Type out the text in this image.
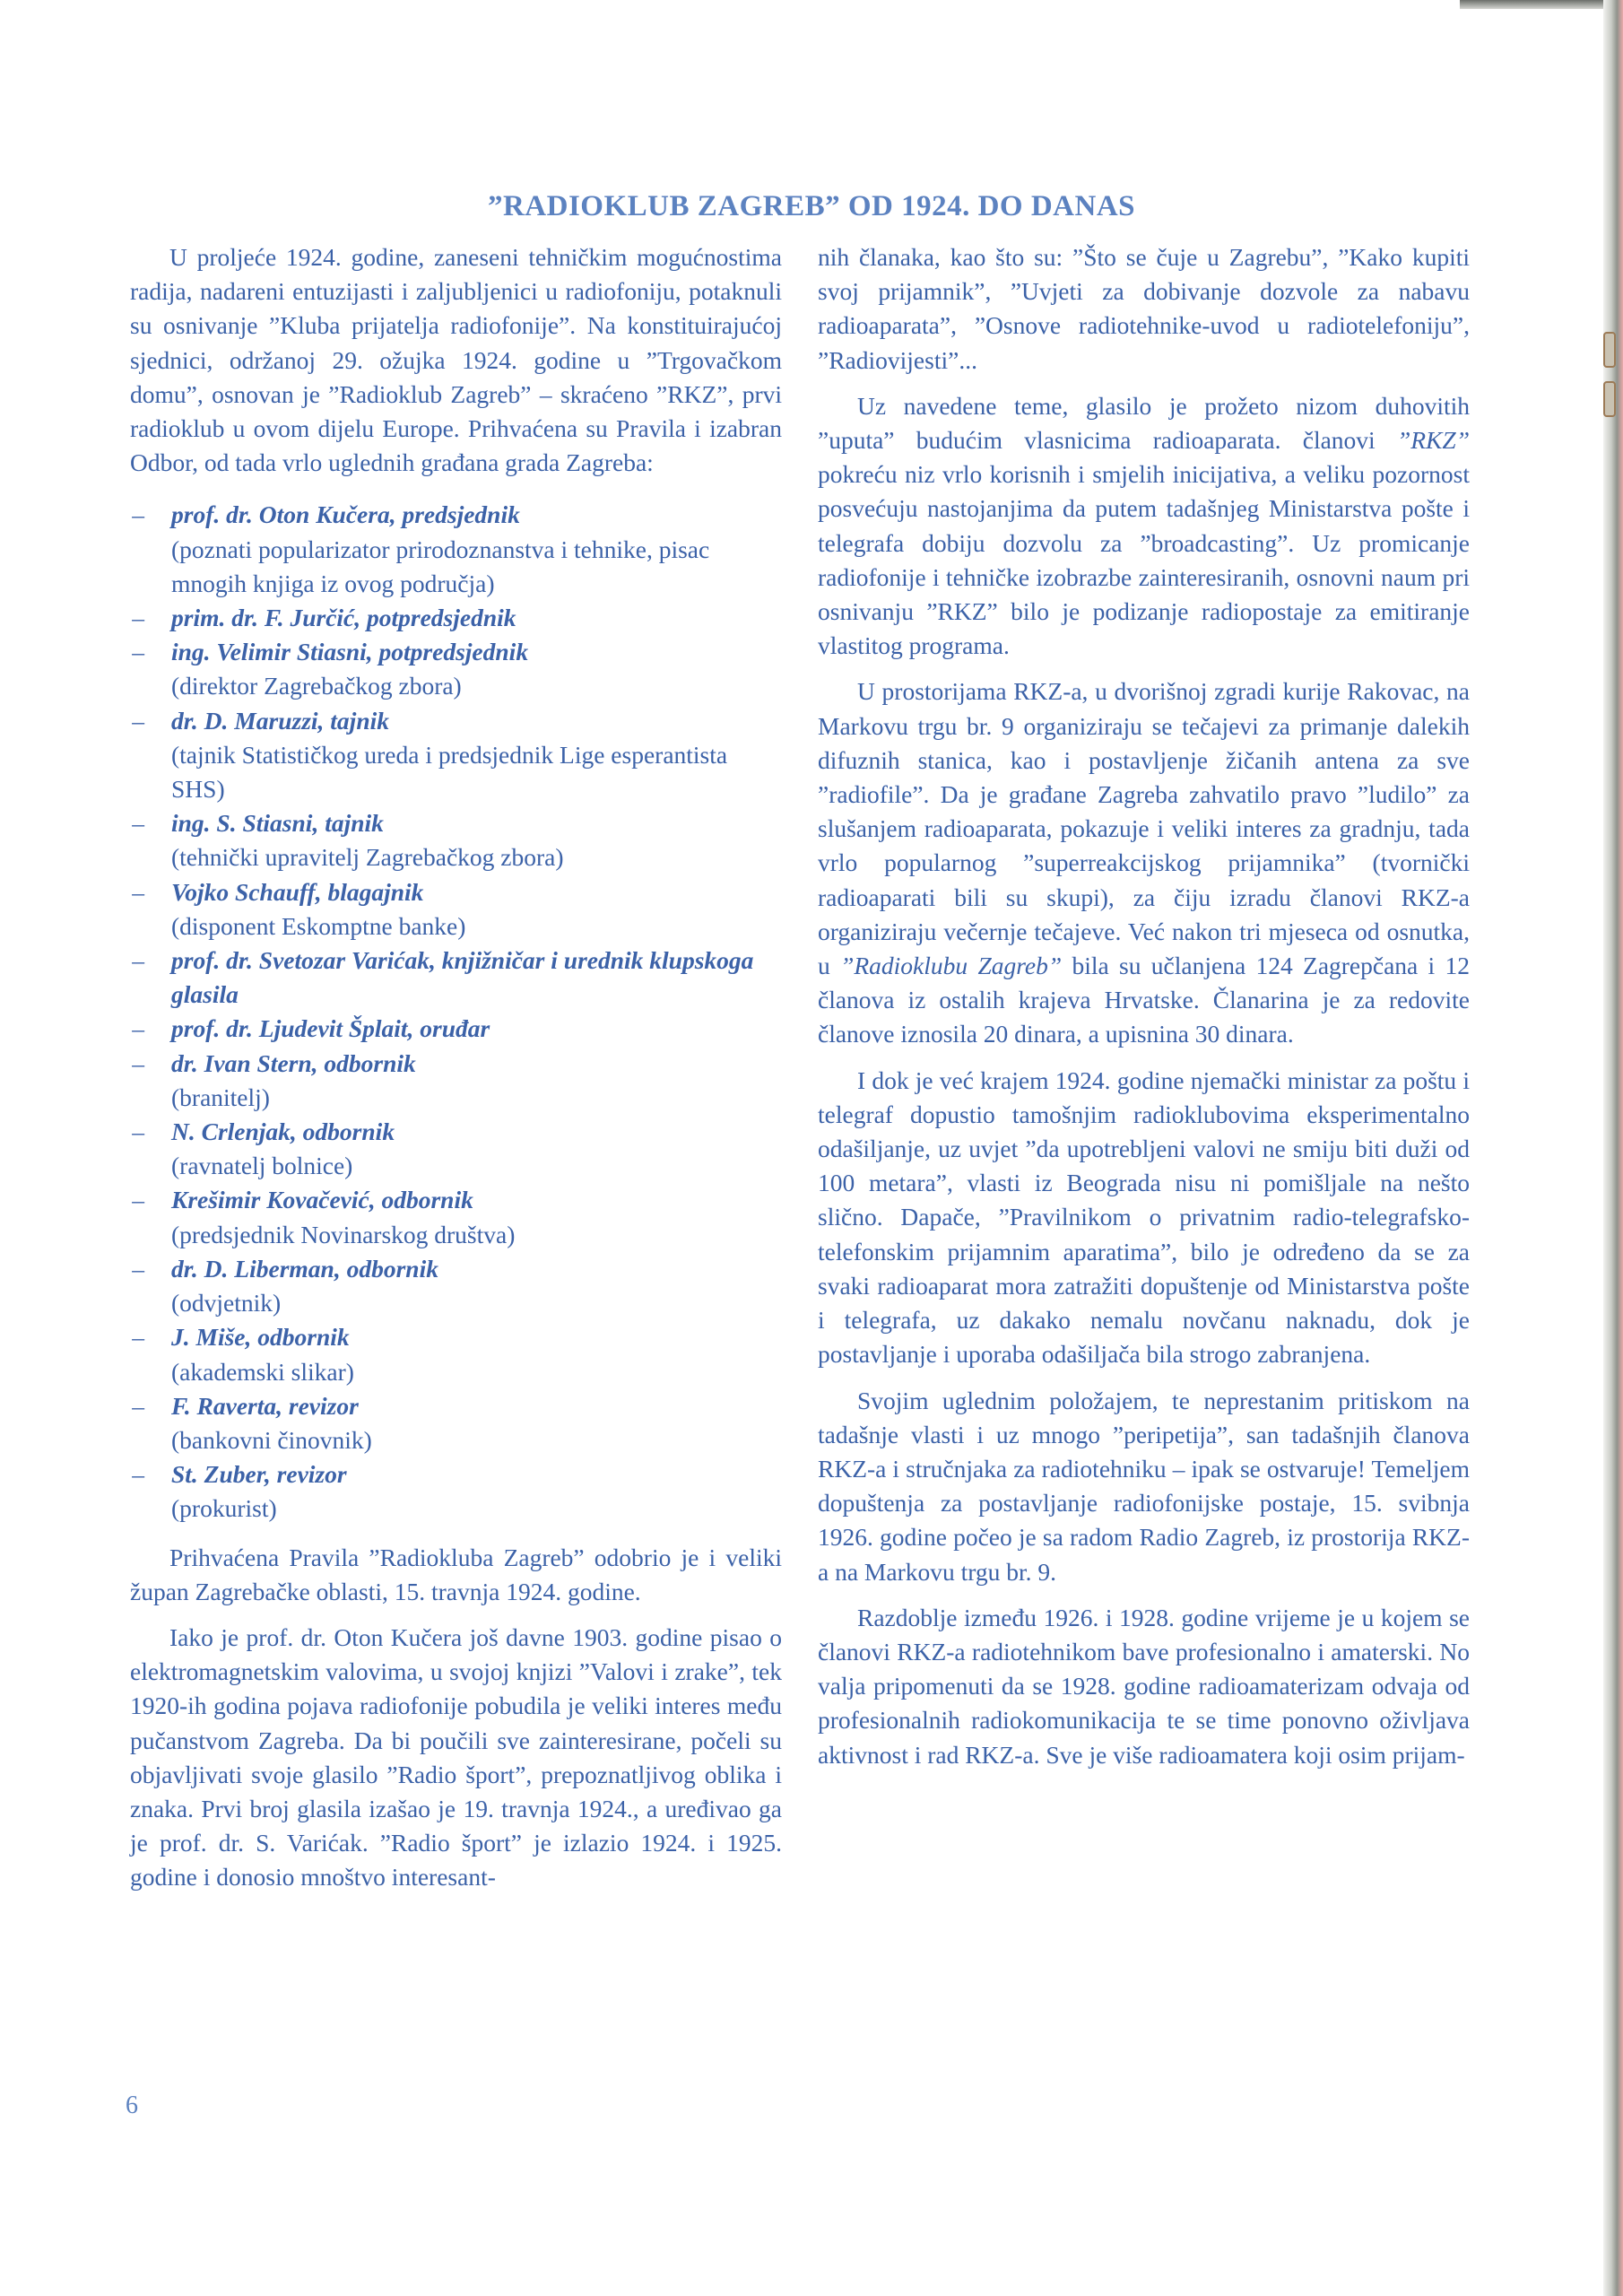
”RADIOKLUB ZAGREB” OD 1924. DO DANAS

U proljeće 1924. godine, zaneseni tehničkim mogućnostima radija, nadareni entuzijasti i zaljubljenici u radiofoniju, potaknuli su osnivanje ”Kluba prijatelja radiofonije”. Na konstituirajućoj sjednici, održanoj 29. ožujka 1924. godine u ”Trgovačkom domu”, osnovan je ”Radioklub Zagreb” – skraćeno ”RKZ”, prvi radioklub u ovom dijelu Europe. Prihvaćena su Pravila i izabran Odbor, od tada vrlo uglednih građana grada Zagreba:

– prof. dr. Oton Kučera, predsjednik
(poznati popularizator prirodoznanstva i tehnike, pisac mnogih knjiga iz ovog područja)
– prim. dr. F. Jurčić, potpredsjednik
– ing. Velimir Stiasni, potpredsjednik
(direktor Zagrebačkog zbora)
– dr. D. Maruzzi, tajnik
(tajnik Statističkog ureda i predsjednik Lige esperantista SHS)
– ing. S. Stiasni, tajnik
(tehnički upravitelj Zagrebačkog zbora)
– Vojko Schauff, blagajnik
(disponent Eskomptne banke)
– prof. dr. Svetozar Varićak, knjižničar i urednik klupskoga glasila
– prof. dr. Ljudevit Šplait, oruđar
– dr. Ivan Stern, odbornik
(branitelj)
– N. Crlenjak, odbornik
(ravnatelj bolnice)
– Krešimir Kovačević, odbornik
(predsjednik Novinarskog društva)
– dr. D. Liberman, odbornik
(odvjetnik)
– J. Miše, odbornik
(akademski slikar)
– F. Raverta, revizor
(bankovni činovnik)
– St. Zuber, revizor
(prokurist)

Prihvaćena Pravila ”Radiokluba Zagreb” odobrio je i veliki župan Zagrebačke oblasti, 15. travnja 1924. godine.

Iako je prof. dr. Oton Kučera još davne 1903. godine pisao o elektromagnetskim valovima, u svojoj knjizi ”Valovi i zrake”, tek 1920-ih godina pojava radiofonije pobudila je veliki interes među pučanstvom Zagreba. Da bi poučili sve zainteresirane, počeli su objavljivati svoje glasilo ”Radio šport”, prepoznatljivog oblika i znaka. Prvi broj glasila izašao je 19. travnja 1924., a uređivao ga je prof. dr. S. Varićak. ”Radio šport” je izlazio 1924. i 1925. godine i donosio mnoštvo interesant-

nih članaka, kao što su: ”Što se čuje u Zagrebu”, ”Kako kupiti svoj prijamnik”, ”Uvjeti za dobivanje dozvole za nabavu radioaparata”, ”Osnove radiotehnike-uvod u radiotelefoniju”, ”Radiovijesti”...

Uz navedene teme, glasilo je prožeto nizom duhovitih ”uputa” budućim vlasnicima radioaparata. članovi ”RKZ” pokreću niz vrlo korisnih i smjelih inicijativa, a veliku pozornost posvećuju nastojanjima da putem tadašnjeg Ministarstva pošte i telegrafa dobiju dozvolu za ”broadcasting”. Uz promicanje radiofonije i tehničke izobrazbe zainteresiranih, osnovni naum pri osnivanju ”RKZ” bilo je podizanje radiopostaje za emitiranje vlastitog programa.

U prostorijama RKZ-a, u dvorišnoj zgradi kurije Rakovac, na Markovu trgu br. 9 organiziraju se tečajevi za primanje dalekih difuznih stanica, kao i postavljenje žičanih antena za sve ”radiofile”. Da je građane Zagreba zahvatilo pravo ”ludilo” za slušanjem radioaparata, pokazuje i veliki interes za gradnju, tada vrlo popularnog ”superreakcijskog prijamnika” (tvornički radioaparati bili su skupi), za čiju izradu članovi RKZ-a organiziraju večernje tečajeve. Već nakon tri mjeseca od osnutka, u ”Radioklubu Zagreb” bila su učlanjena 124 Zagrepčana i 12 članova iz ostalih krajeva Hrvatske. Članarina je za redovite članove iznosila 20 dinara, a upisnina 30 dinara.

I dok je već krajem 1924. godine njemački ministar za poštu i telegraf dopustio tamošnjim radioklubovima eksperimentalno odašiljanje, uz uvjet ”da upotrebljeni valovi ne smiju biti duži od 100 metara”, vlasti iz Beograda nisu ni pomišljale na nešto slično. Dapače, ”Pravilnikom o privatnim radio-telegrafsko-telefonskim prijamnim aparatima”, bilo je određeno da se za svaki radioaparat mora zatražiti dopuštenje od Ministarstva pošte i telegrafa, uz dakako nemalu novčanu naknadu, dok je postavljanje i uporaba odašiljača bila strogo zabranjena.

Svojim uglednim položajem, te neprestanim pritiskom na tadašnje vlasti i uz mnogo ”peripetija”, san tadašnjih članova RKZ-a i stručnjaka za radiotehniku – ipak se ostvaruje! Temeljem dopuštenja za postavljanje radiofonijske postaje, 15. svibnja 1926. godine počeo je sa radom Radio Zagreb, iz prostorija RKZ-a na Markovu trgu br. 9.

Razdoblje između 1926. i 1928. godine vrijeme je u kojem se članovi RKZ-a radiotehnikom bave profesionalno i amaterski. No valja pripomenuti da se 1928. godine radioamaterizam odvaja od profesionalnih radiokomunikacija te se time ponovno oživljava aktivnost i rad RKZ-a. Sve je više radioamatera koji osim prijam-

6
